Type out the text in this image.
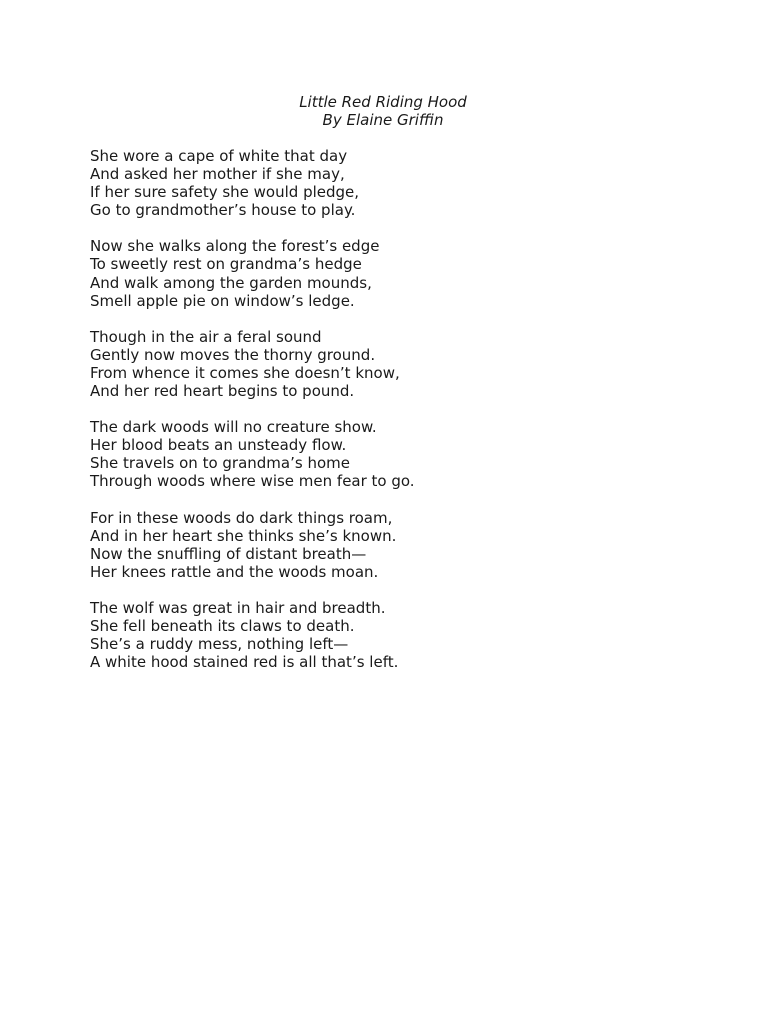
Little Red Riding Hood
By Elaine Griffin
She wore a cape of white that day
And asked her mother if she may,
If her sure safety she would pledge,
Go to grandmother’s house to play.
Now she walks along the forest’s edge
To sweetly rest on grandma’s hedge
And walk among the garden mounds,
Smell apple pie on window’s ledge.
Though in the air a feral sound
Gently now moves the thorny ground.
From whence it comes she doesn’t know,
And her red heart begins to pound.
The dark woods will no creature show.
Her blood beats an unsteady flow.
She travels on to grandma’s home
Through woods where wise men fear to go.
For in these woods do dark things roam,
And in her heart she thinks she’s known.
Now the snuffling of distant breath—
Her knees rattle and the woods moan.
The wolf was great in hair and breadth.
She fell beneath its claws to death.
She’s a ruddy mess, nothing left—
A white hood stained red is all that’s left.
